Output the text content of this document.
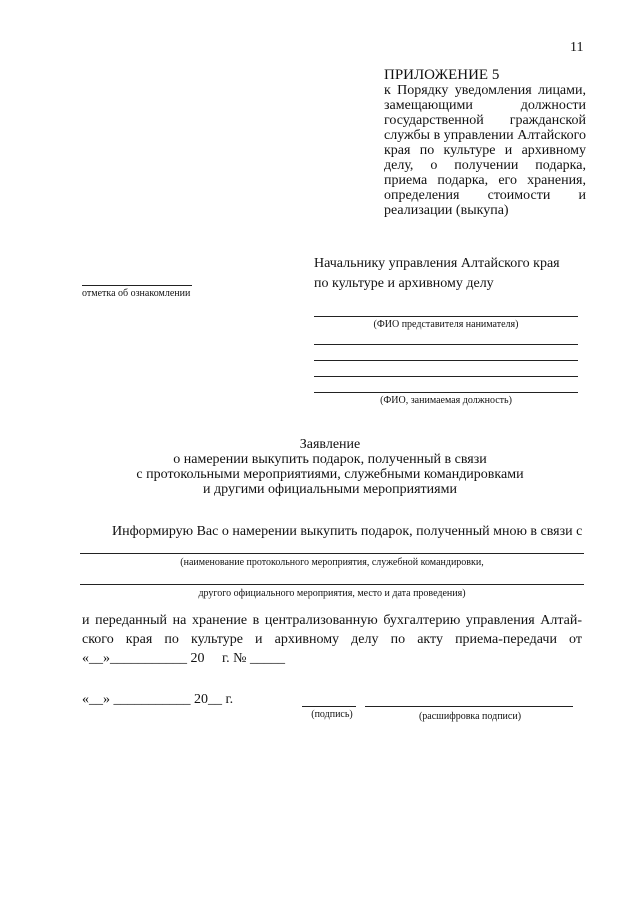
11
ПРИЛОЖЕНИЕ 5
к Порядку уведомления лицами, замещающими должности государственной гражданской службы в управлении Алтайского края по культуре и архивному делу, о получении подарка, приема подарка, его хранения, определения стоимости и реализации (выкупа)
Начальнику управления Алтайского края
по культуре и архивному делу
отметка об ознакомлении
(ФИО представителя нанимателя)
(ФИО, занимаемая должность)
Заявление
о намерении выкупить подарок, полученный в связи
с протокольными мероприятиями, служебными командировками
и другими официальными мероприятиями
Информирую Вас о намерении выкупить подарок, полученный мною в связи с
(наименование протокольного мероприятия, служебной командировки,
другого официального мероприятия, место и дата проведения)
и переданный на хранение в централизованную бухгалтерию управления Алтай-
ского края по культуре и архивному делу по акту приема-передачи от
«__»___________ 20     г. № _____
«__» ___________ 20__ г.
(подпись)	(расшифровка подписи)
